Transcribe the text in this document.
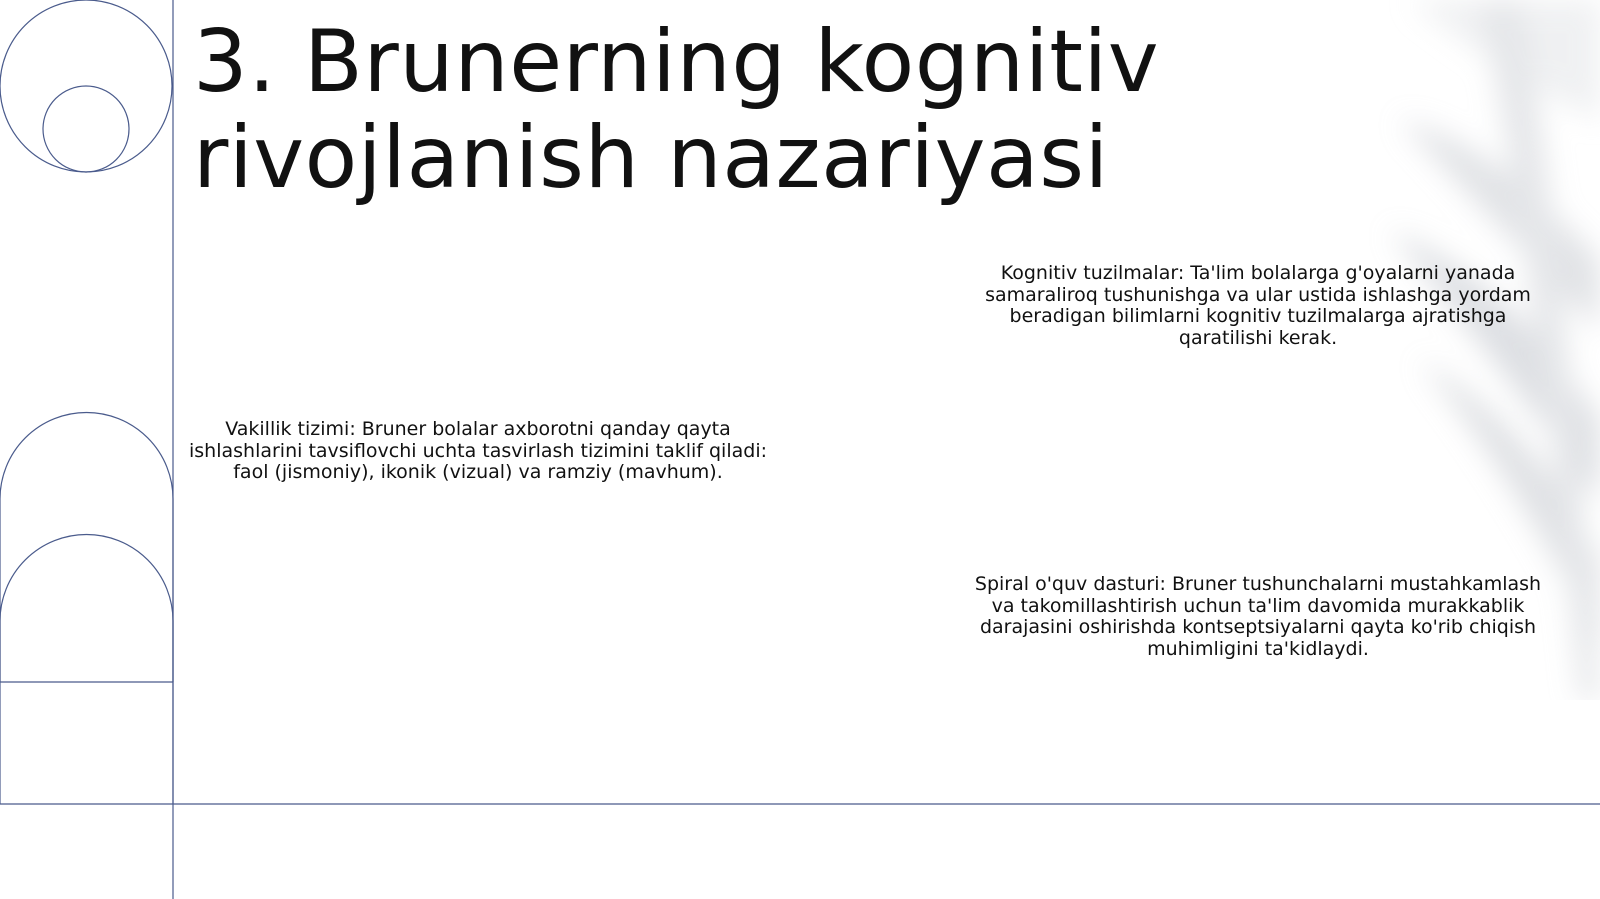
3. Brunerning kognitiv rivojlanish nazariyasi

Kognitiv tuzilmalar: Ta'lim bolalarga g'oyalarni yanada samaraliroq tushunishga va ular ustida ishlashga yordam beradigan bilimlarni kognitiv tuzilmalarga ajratishga qaratilishi kerak.

Vakillik tizimi: Bruner bolalar axborotni qanday qayta ishlashlarini tavsiflovchi uchta tasvirlash tizimini taklif qiladi: faol (jismoniy), ikonik (vizual) va ramziy (mavhum).

Spiral o'quv dasturi: Bruner tushunchalarni mustahkamlash va takomillashtirish uchun ta'lim davomida murakkablik darajasini oshirishda kontseptsiyalarni qayta ko'rib chiqish muhimligini ta'kidlaydi.
